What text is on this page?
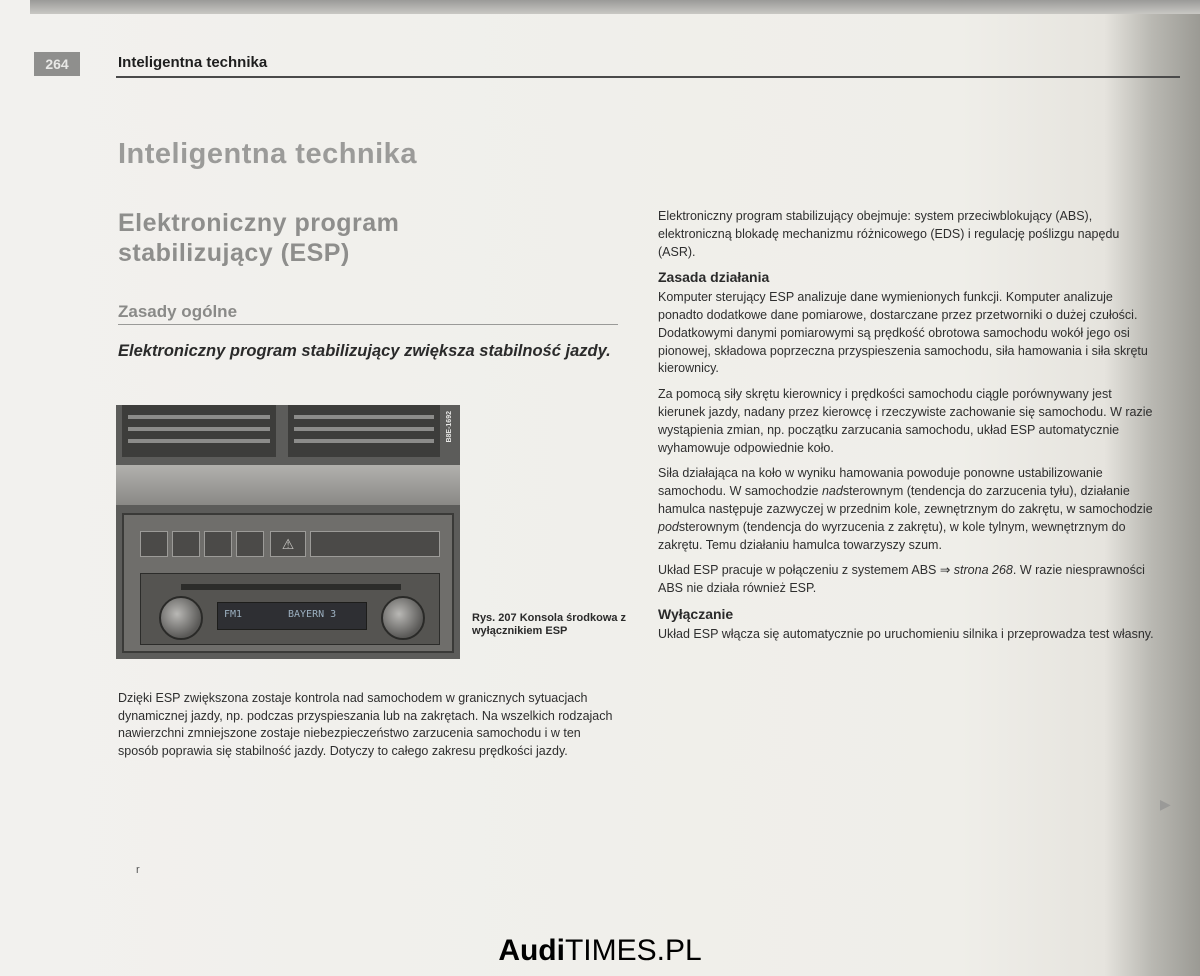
264	Inteligentna technika
Inteligentna technika
Elektroniczny program stabilizujący (ESP)
Zasady ogólne
Elektroniczny program stabilizujący zwiększa stabilność jazdy.
B8E-1692
⚠
FM1	BAYERN 3	Rys. 207 Konsola środkowa z wyłącznikiem ESP
Dzięki ESP zwiększona zostaje kontrola nad samochodem w granicznych sytuacjach dynamicznej jazdy, np. podczas przyspieszania lub na zakrętach. Na wszelkich rodzajach nawierzchni zmniejszone zostaje niebezpieczeństwo zarzucenia samochodu i w ten sposób poprawia się stabilność jazdy. Dotyczy to całego zakresu prędkości jazdy.

Elektroniczny program stabilizujący obejmuje: system przeciwblokujący (ABS), elektroniczną blokadę mechanizmu różnicowego (EDS) i regulację poślizgu napędu (ASR).

Zasada działania

Komputer sterujący ESP analizuje dane wymienionych funkcji. Komputer analizuje ponadto dodatkowe dane pomiarowe, dostarczane przez przetworniki o dużej czułości. Dodatkowymi danymi pomiarowymi są prędkość obrotowa samochodu wokół jego osi pionowej, składowa poprzeczna przyspieszenia samochodu, siła hamowania i siła skrętu kierownicy.

Za pomocą siły skrętu kierownicy i prędkości samochodu ciągle porównywany jest kierunek jazdy, nadany przez kierowcę i rzeczywiste zachowanie się samochodu. W razie wystąpienia zmian, np. początku zarzucania samochodu, układ ESP automatycznie wyhamowuje odpowiednie koło.

Siła działająca na koło w wyniku hamowania powoduje ponowne ustabilizowanie samochodu. W samochodzie nadsterownym (tendencja do zarzucenia tyłu), działanie hamulca następuje zazwyczej w przednim kole, zewnętrznym do zakrętu, w samochodzie podsterownym (tendencja do wyrzucenia z zakrętu), w kole tylnym, wewnętrznym do zakrętu. Temu działaniu hamulca towarzyszy szum.

Układ ESP pracuje w połączeniu z systemem ABS ⇒ strona 268. W razie niesprawności ABS nie działa również ESP.

Wyłączanie

Układ ESP włącza się automatycznie po uruchomieniu silnika i przeprowadza test własny.

▶
r
AudiTIMES.PL
